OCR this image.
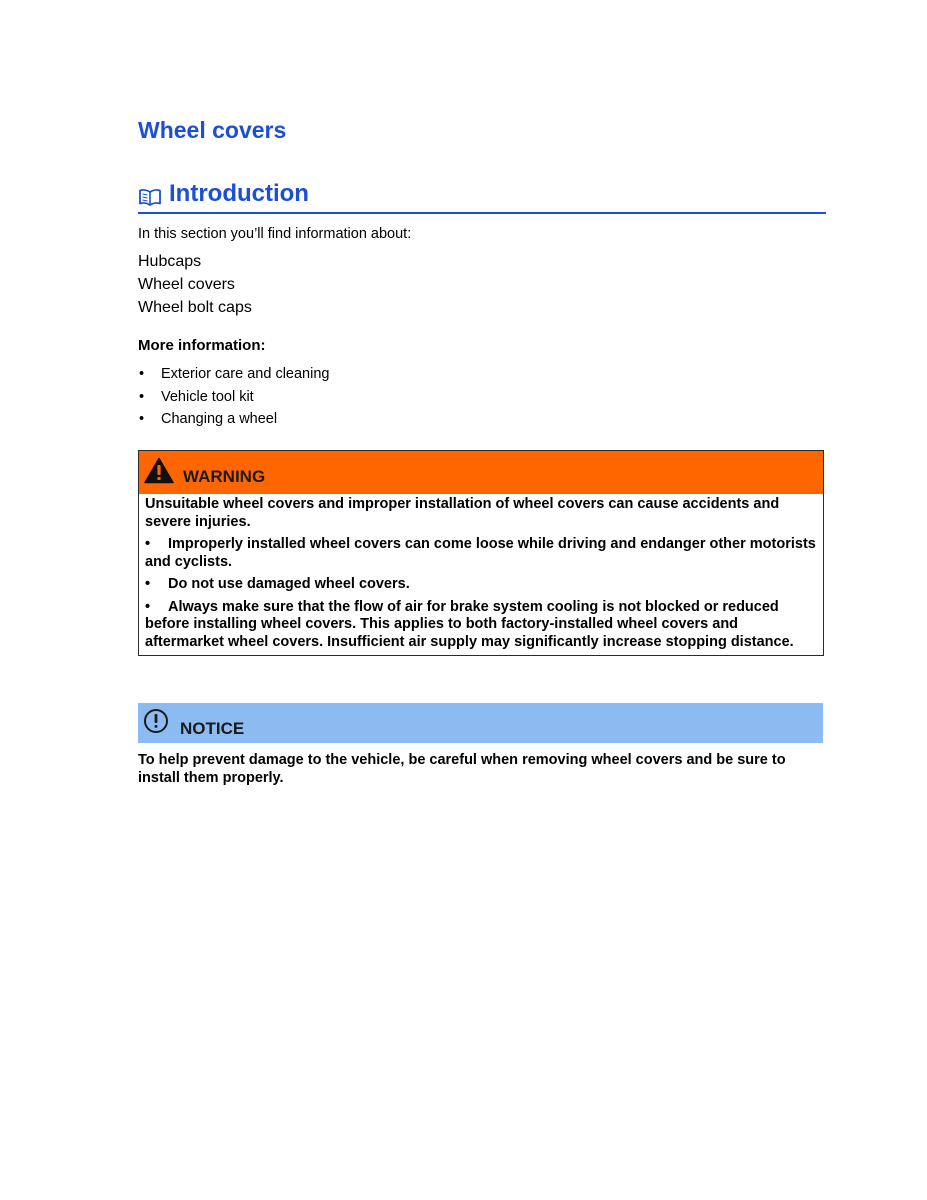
Wheel covers
Introduction
In this section you’ll find information about:
Hubcaps
Wheel covers
Wheel bolt caps
More information:
• Exterior care and cleaning
• Vehicle tool kit
• Changing a wheel
WARNING

Unsuitable wheel covers and improper installation of wheel covers can cause accidents and severe injuries.

• Improperly installed wheel covers can come loose while driving and endanger other motorists and cyclists.

• Do not use damaged wheel covers.

• Always make sure that the flow of air for brake system cooling is not blocked or reduced before installing wheel covers. This applies to both factory-installed wheel covers and aftermarket wheel covers. Insufficient air supply may significantly increase stopping distance.

NOTICE

To help prevent damage to the vehicle, be careful when removing wheel covers and be sure to install them properly.
